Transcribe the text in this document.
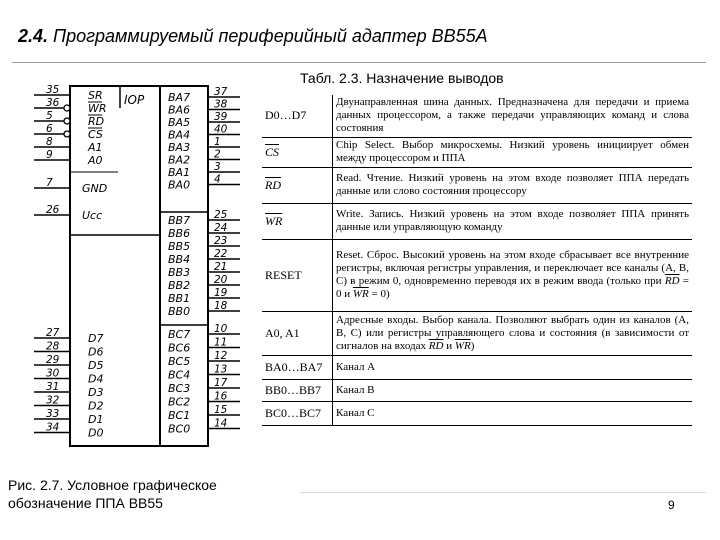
2.4. Программируемый периферийный адаптер ВВ55А
Табл. 2.3. Назначение выводов
IOP
35	SR
36	WR
5	RD
6	CS
8	A1
9	A0
7	GND
26 Ucc
27	D7
28	D6
29	D5
30	D4
31	D3
32	D2
33	D1
34	D0
37
BA7
38
BA6
39
BA5
40
BA4
1
BA3
2
BA2
3
BA1
4
BA0
25
BB7
24
BB6
23
BB5
22
BB4
21
BB3
20
BB2
19
BB1
18
BB0
10
BC7
11
BC6
12
BC5
13
BC4
17
BC3
16
BC2
15
BC1
14
BC0
D0…D7	Двунаправленная шина данных. Предназначена для передачи и приема данных процессором, а также передачи управляющих команд и слова состояния
$\overline{CS}$	Chip Select. Выбор микросхемы. Низкий уровень инициирует обмен между процессором и ППА
$\overline{RD}$	Read. Чтение. Низкий уровень на этом входе позволяет ППА передать данные или слово состояния процессору
$\overline{WR}$	Write. Запись. Низкий уровень на этом входе позволяет ППА принять данные или управляющую команду
RESET	Reset. Сброс. Высокий уровень на этом входе сбрасывает все внутренние регистры, включая регистры управления, и переключает все каналы (A, B, C) в режим 0, одновременно переводя их в режим ввода (только при $\overline{RD} = 0$ и $\overline{WR} = 0$)
A0, A1	Адресные входы. Выбор канала. Позволяют выбрать один из каналов (A, B, C) или регистры управляющего слова и состояния (в зависимости от сигналов на входах $\overline{RD}$ и $\overline{WR}$)
BA0…BA7	Канал А
BB0…BB7	Канал B
BC0…BC7	Канал C
Рис. 2.7. Условное графическое
обозначение ППА ВВ55	9
